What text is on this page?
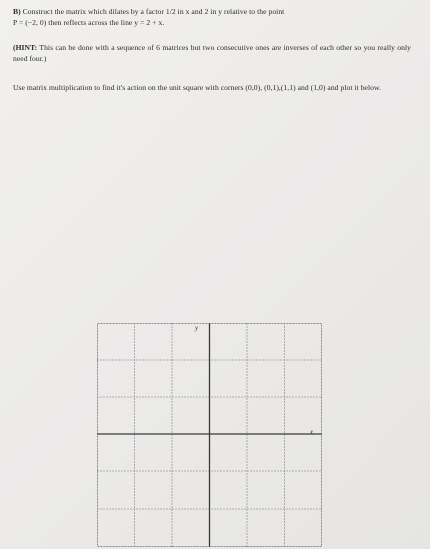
B) Construct the matrix which dilates by a factor 1/2 in x and 2 in y relative to the point
P = (−2, 0) then reflects across the line y = 2 + x.
(HINT: This can be done with a sequence of 6 matrices but two consecutive ones are inverses of each other so you really only need four.)
Use matrix multiplication to find it's action on the unit square with corners (0,0), (0,1),(1,1) and (1,0) and plot it below.
y
x
